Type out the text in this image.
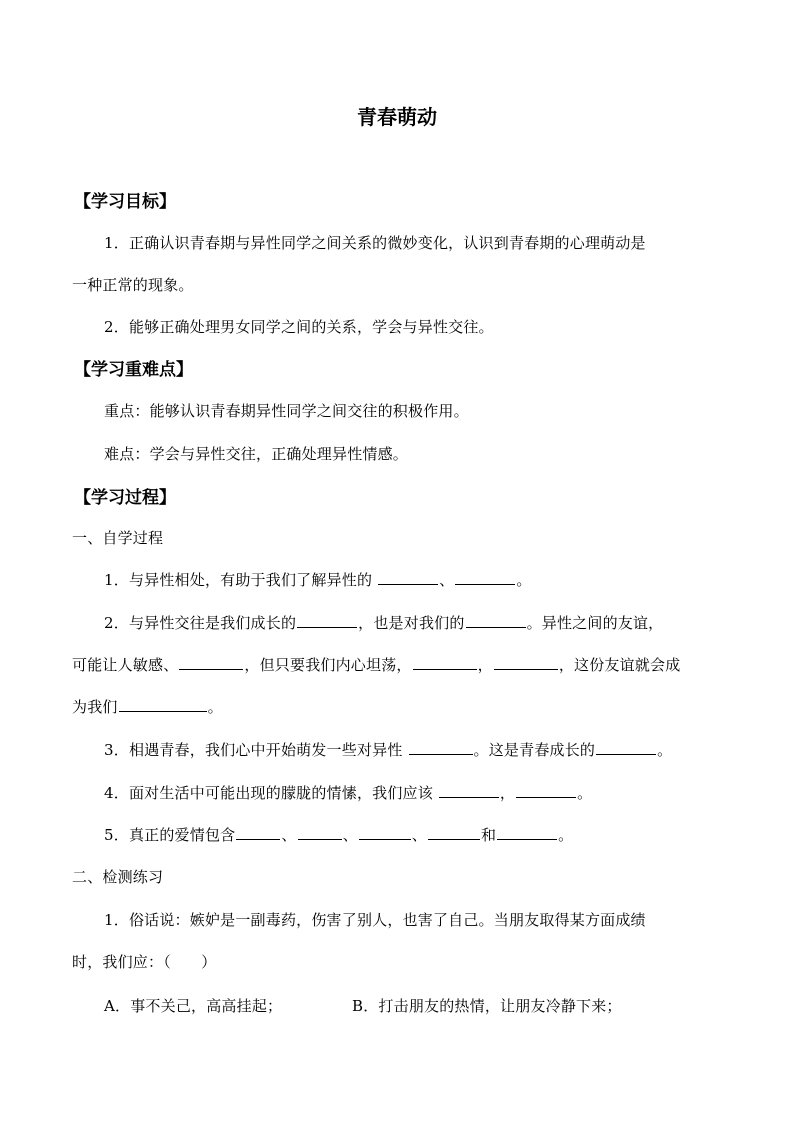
青春萌动
【学习目标】
1．正确认识青春期与异性同学之间关系的微妙变化，认识到青春期的心理萌动是
一种正常的现象。
2．能够正确处理男女同学之间的关系，学会与异性交往。
【学习重难点】
重点：能够认识青春期异性同学之间交往的积极作用。
难点：学会与异性交往，正确处理异性情感。
【学习过程】
一、自学过程
1．与异性相处，有助于我们了解异性的	、	。
2．与异性交往是我们成长的	，也是对我们的	。异性之间的友谊，
可能让人敏感、	，但只要我们内心坦荡，	，	，这份友谊就会成
为我们	。
3．相遇青春，我们心中开始萌发一些对异性	。这是青春成长的	。
4．面对生活中可能出现的朦胧的情愫，我们应该	，	。
5．真正的爱情包含	、	、	、	和	。
二、检测练习
1．俗话说：嫉妒是一副毒药，伤害了别人，也害了自己。当朋友取得某方面成绩
时，我们应：（　　）
A．事不关己，高高挂起；	B．打击朋友的热情，让朋友冷静下来；
